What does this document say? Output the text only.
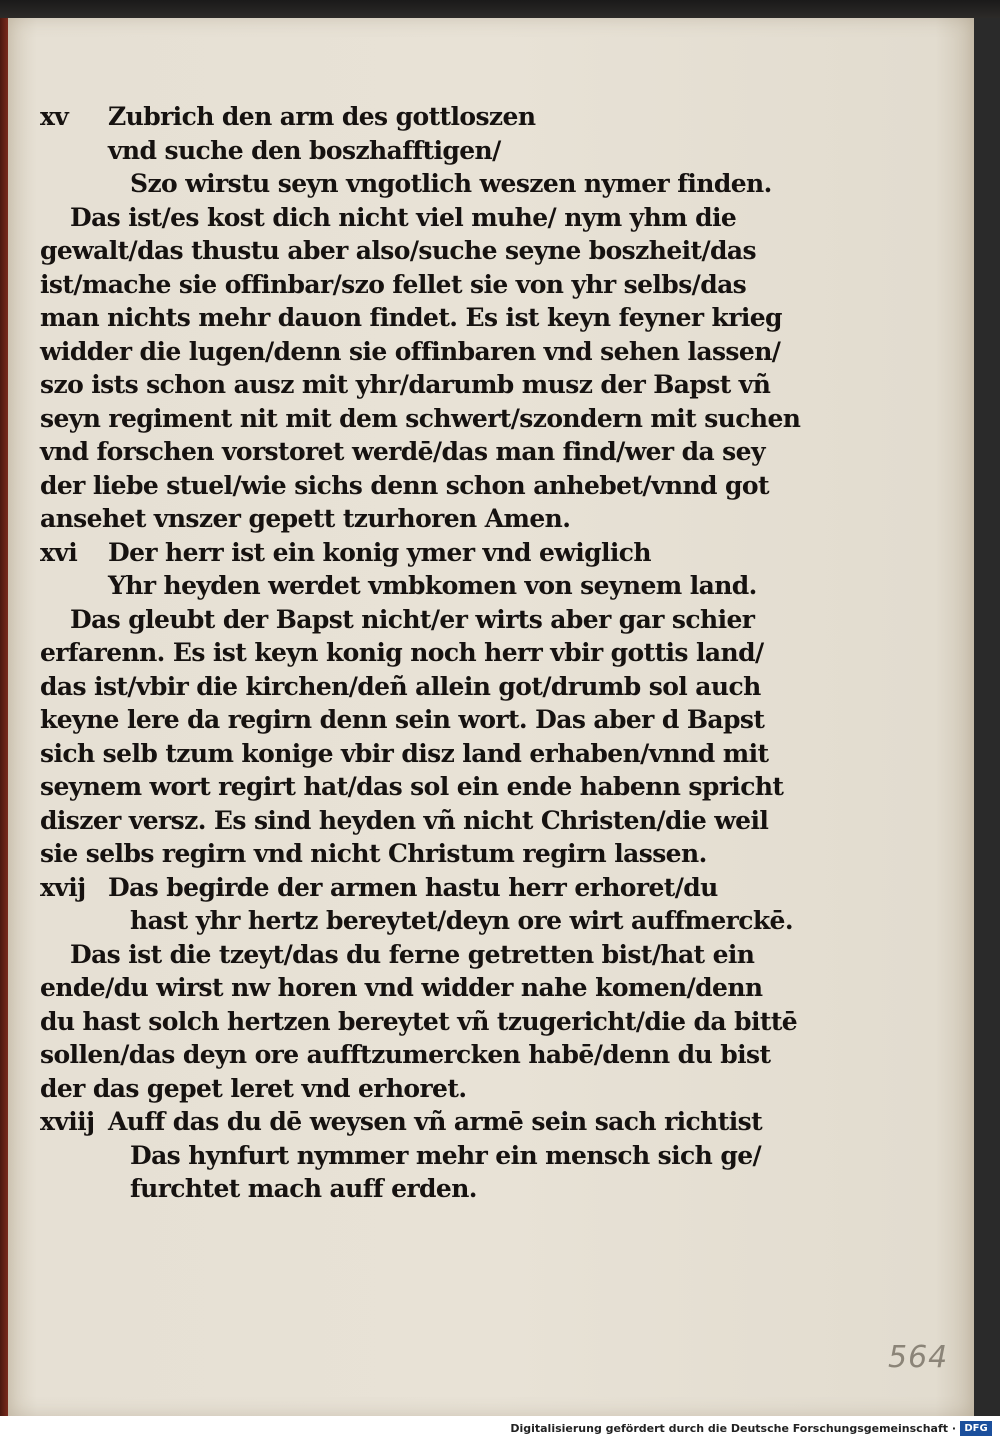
xv Zubrich den arm des gottloszen
vnd suche den boszhafftigen/
Szo wirstu seyn vngotlich weszen nymer finden.
Das ist/es kost dich nicht viel muhe/ nym yhm die
gewalt/das thustu aber also/suche seyne boszheit/das
ist/mache sie offinbar/szo fellet sie von yhr selbs/das
man nichts mehr dauon findet. Es ist keyn feyner krieg
widder die lugen/denn sie offinbaren vnd sehen lassen/
szo ists schon ausz mit yhr/darumb musz der Bapst vñ
seyn regiment nit mit dem schwert/szondern mit suchen
vnd forschen vorstoret werdē/das man find/wer da sey
der liebe stuel/wie sichs denn schon anhebet/vnnd got
ansehet vnszer gepett tzurhoren Amen.
xvi Der herr ist ein konig ymer vnd ewiglich
Yhr heyden werdet vmbkomen von seynem land.
Das gleubt der Bapst nicht/er wirts aber gar schier
erfarenn. Es ist keyn konig noch herr vbir gottis land/
das ist/vbir die kirchen/deñ allein got/drumb sol auch
keyne lere da regirn denn sein wort. Das aber d Bapst
sich selb tzum konige vbir disz land erhaben/vnnd mit
seynem wort regirt hat/das sol ein ende habenn spricht
diszer versz. Es sind heyden vñ nicht Christen/die weil
sie selbs regirn vnd nicht Christum regirn lassen.
xvij Das begirde der armen hastu herr erhoret/du
hast yhr hertz bereytet/deyn ore wirt auffmerckē.
Das ist die tzeyt/das du ferne getretten bist/hat ein
ende/du wirst nw horen vnd widder nahe komen/denn
du hast solch hertzen bereytet vñ tzugericht/die da bittē
sollen/das deyn ore aufftzumercken habē/denn du bist
der das gepet leret vnd erhoret.
xviij Auff das du dē weysen vñ armē sein sach richtist
Das hynfurt nymmer mehr ein mensch sich ge/
furchtet mach auff erden.
564
Digitalisierung gefördert durch die Deutsche Forschungsgemeinschaft · DFG
